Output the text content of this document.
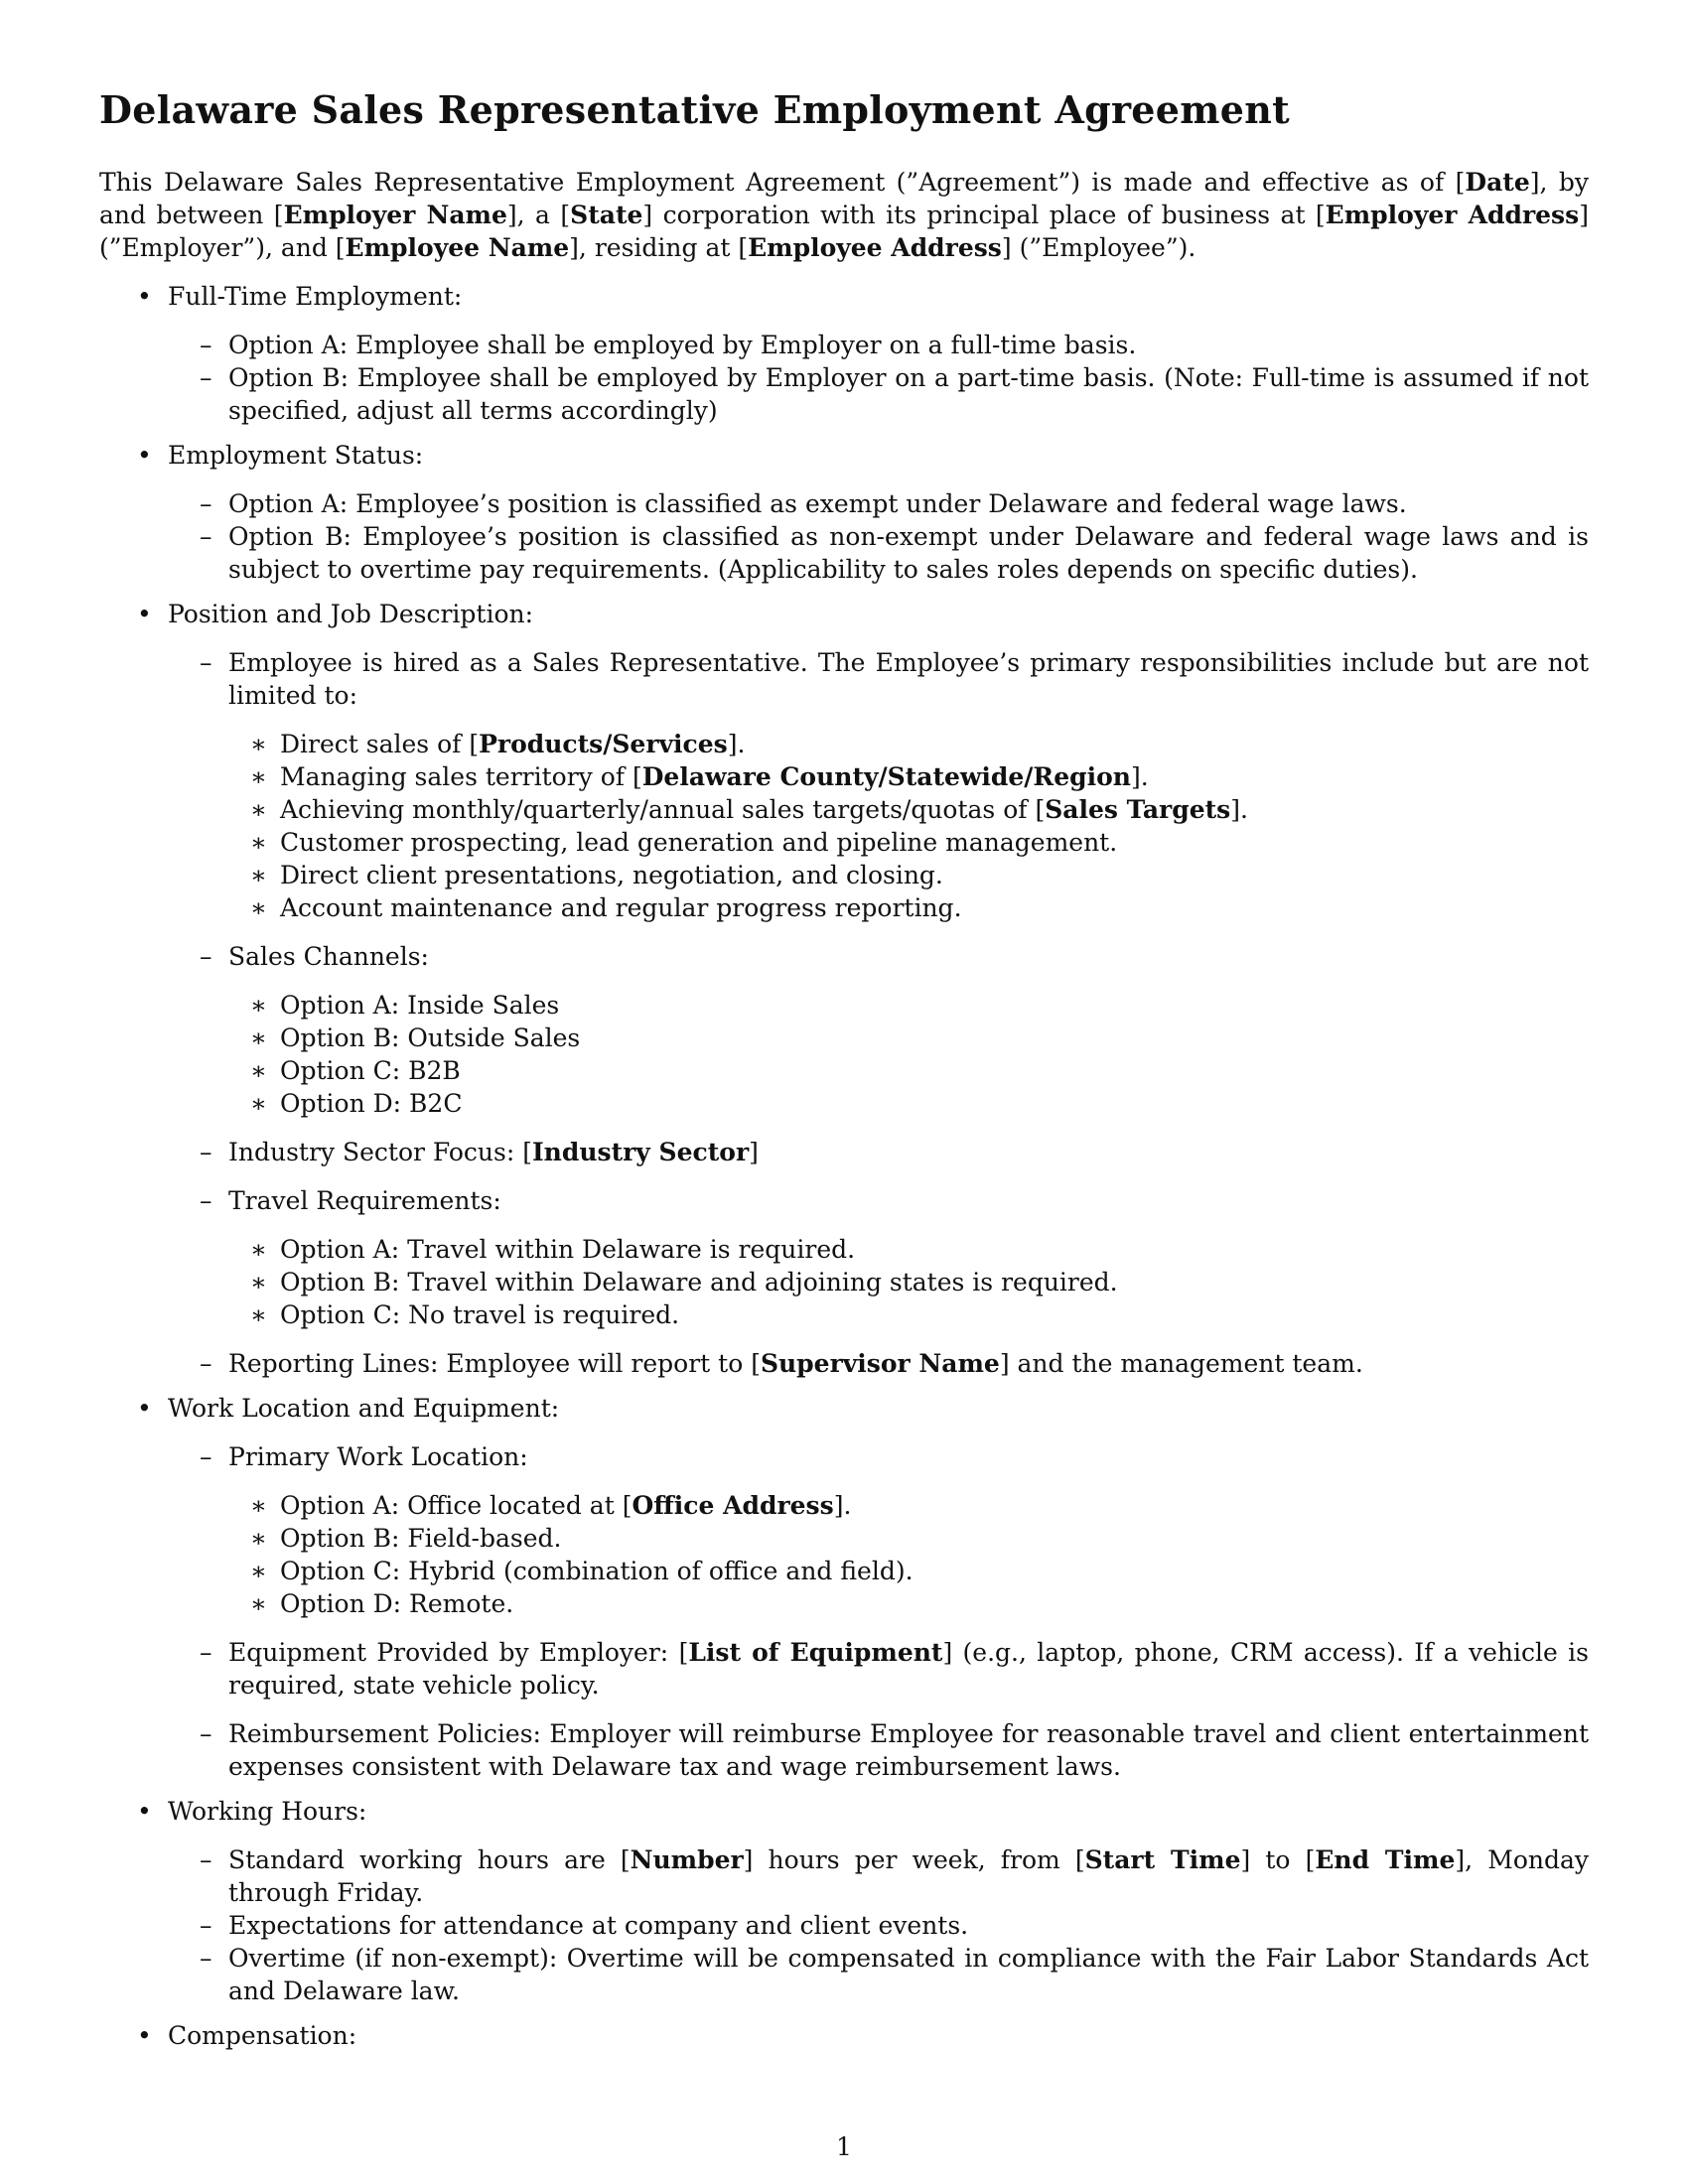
Delaware Sales Representative Employment Agreement

This Delaware Sales Representative Employment Agreement (”Agreement”) is made and effective as of [Date], by and between [Employer Name], a [State] corporation with its principal place of business at [Employer Address] (”Employer”), and [Employee Name], residing at [Employee Address] (”Employee”).

• Full-Time Employment:
– Option A: Employee shall be employed by Employer on a full-time basis.
– Option B: Employee shall be employed by Employer on a part-time basis. (Note: Full-time is assumed if not specified, adjust all terms accordingly)
• Employment Status:
– Option A: Employee’s position is classified as exempt under Delaware and federal wage laws.
– Option B: Employee’s position is classified as non-exempt under Delaware and federal wage laws and is subject to overtime pay requirements. (Applicability to sales roles depends on specific duties).
• Position and Job Description:
– Employee is hired as a Sales Representative. The Employee’s primary responsibilities include but are not limited to:
∗ Direct sales of [Products/Services].
∗ Managing sales territory of [Delaware County/Statewide/Region].
∗ Achieving monthly/quarterly/annual sales targets/quotas of [Sales Targets].
∗ Customer prospecting, lead generation and pipeline management.
∗ Direct client presentations, negotiation, and closing.
∗ Account maintenance and regular progress reporting.
– Sales Channels:
∗ Option A: Inside Sales
∗ Option B: Outside Sales
∗ Option C: B2B
∗ Option D: B2C
– Industry Sector Focus: [Industry Sector]
– Travel Requirements:
∗ Option A: Travel within Delaware is required.
∗ Option B: Travel within Delaware and adjoining states is required.
∗ Option C: No travel is required.
– Reporting Lines: Employee will report to [Supervisor Name] and the management team.
• Work Location and Equipment:
– Primary Work Location:
∗ Option A: Office located at [Office Address].
∗ Option B: Field-based.
∗ Option C: Hybrid (combination of office and field).
∗ Option D: Remote.
– Equipment Provided by Employer: [List of Equipment] (e.g., laptop, phone, CRM access). If a vehicle is required, state vehicle policy.
– Reimbursement Policies: Employer will reimburse Employee for reasonable travel and client entertainment expenses consistent with Delaware tax and wage reimbursement laws.
• Working Hours:
– Standard working hours are [Number] hours per week, from [Start Time] to [End Time], Monday through Friday.
– Expectations for attendance at company and client events.
– Overtime (if non-exempt): Overtime will be compensated in compliance with the Fair Labor Standards Act and Delaware law.
• Compensation:
1
